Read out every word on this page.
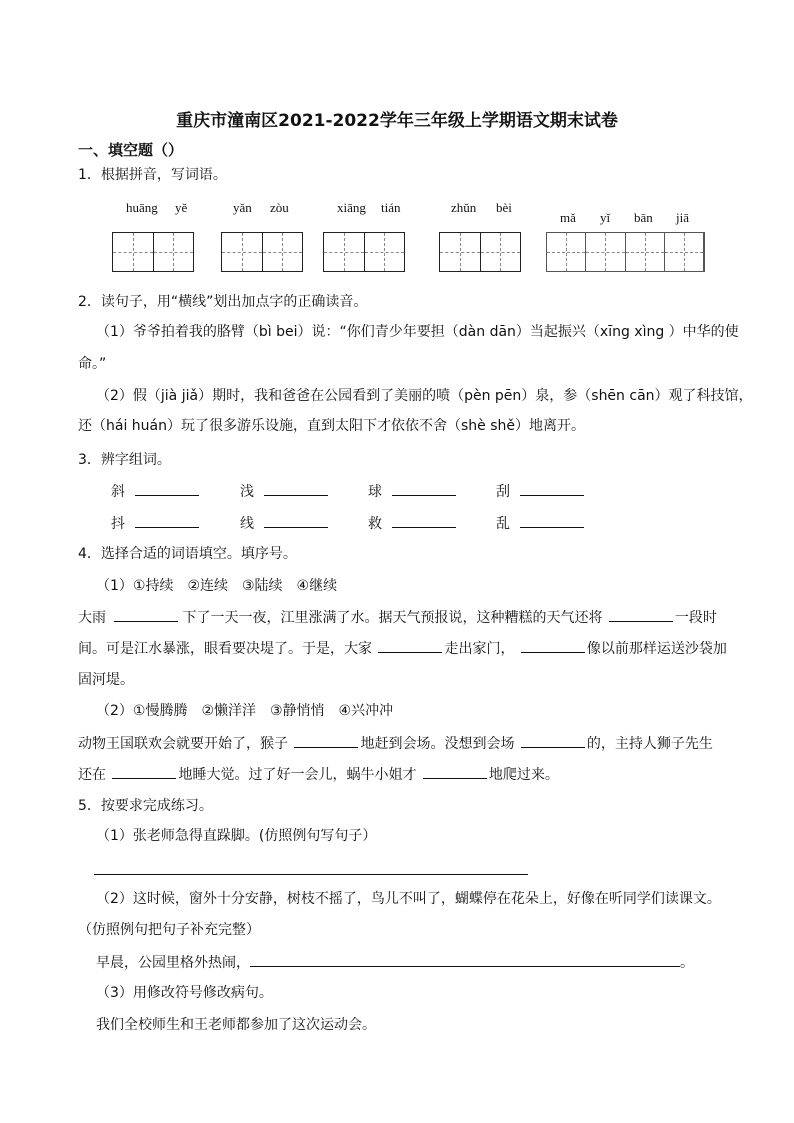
重庆市潼南区2021-2022学年三年级上学期语文期末试卷
一、填空题（）
1．根据拼音，写词语。
huāng yě	yǎn zòu	xiāng tián	zhǔn bèi
mǎ yǐ bān jiā
2．读句子，用“横线”划出加点字的正确读音。
（1）爷爷拍着我的胳臂（bì bei）说：“你们青少年要担（dàn dān）当起振兴（xīng xìng ）中华的使
命。”
（2）假（jià jiǎ）期时，我和爸爸在公园看到了美丽的喷（pèn pēn）泉，参（shēn cān）观了科技馆，
还（hái huán）玩了很多游乐设施，直到太阳下才依依不舍（shè shě）地离开。
3．辨字组词。
斜	浅	球	刮
抖	线	救	乱
4．选择合适的词语填空。填序号。
（1）①持续　②连续　③陆续　④继续
大雨	下了一天一夜，江里涨满了水。据天气预报说，这种糟糕的天气还将	一段时
间。可是江水暴涨，眼看要决堤了。于是，大家	走出家门，	像以前那样运送沙袋加
固河堤。
（2）①慢腾腾　②懒洋洋　③静悄悄　④兴冲冲
动物王国联欢会就要开始了，猴子	地赶到会场。没想到会场	的，主持人狮子先生
还在	地睡大觉。过了好一会儿，蜗牛小姐才	地爬过来。
5．按要求完成练习。
（1）张老师急得直跺脚。(仿照例句写句子）
（2）这时候，窗外十分安静，树枝不摇了，鸟儿不叫了，蝴蝶停在花朵上，好像在听同学们读课文。
（仿照例句把句子补充完整）
早晨，公园里格外热闹，	。
（3）用修改符号修改病句。
我们全校师生和王老师都参加了这次运动会。
